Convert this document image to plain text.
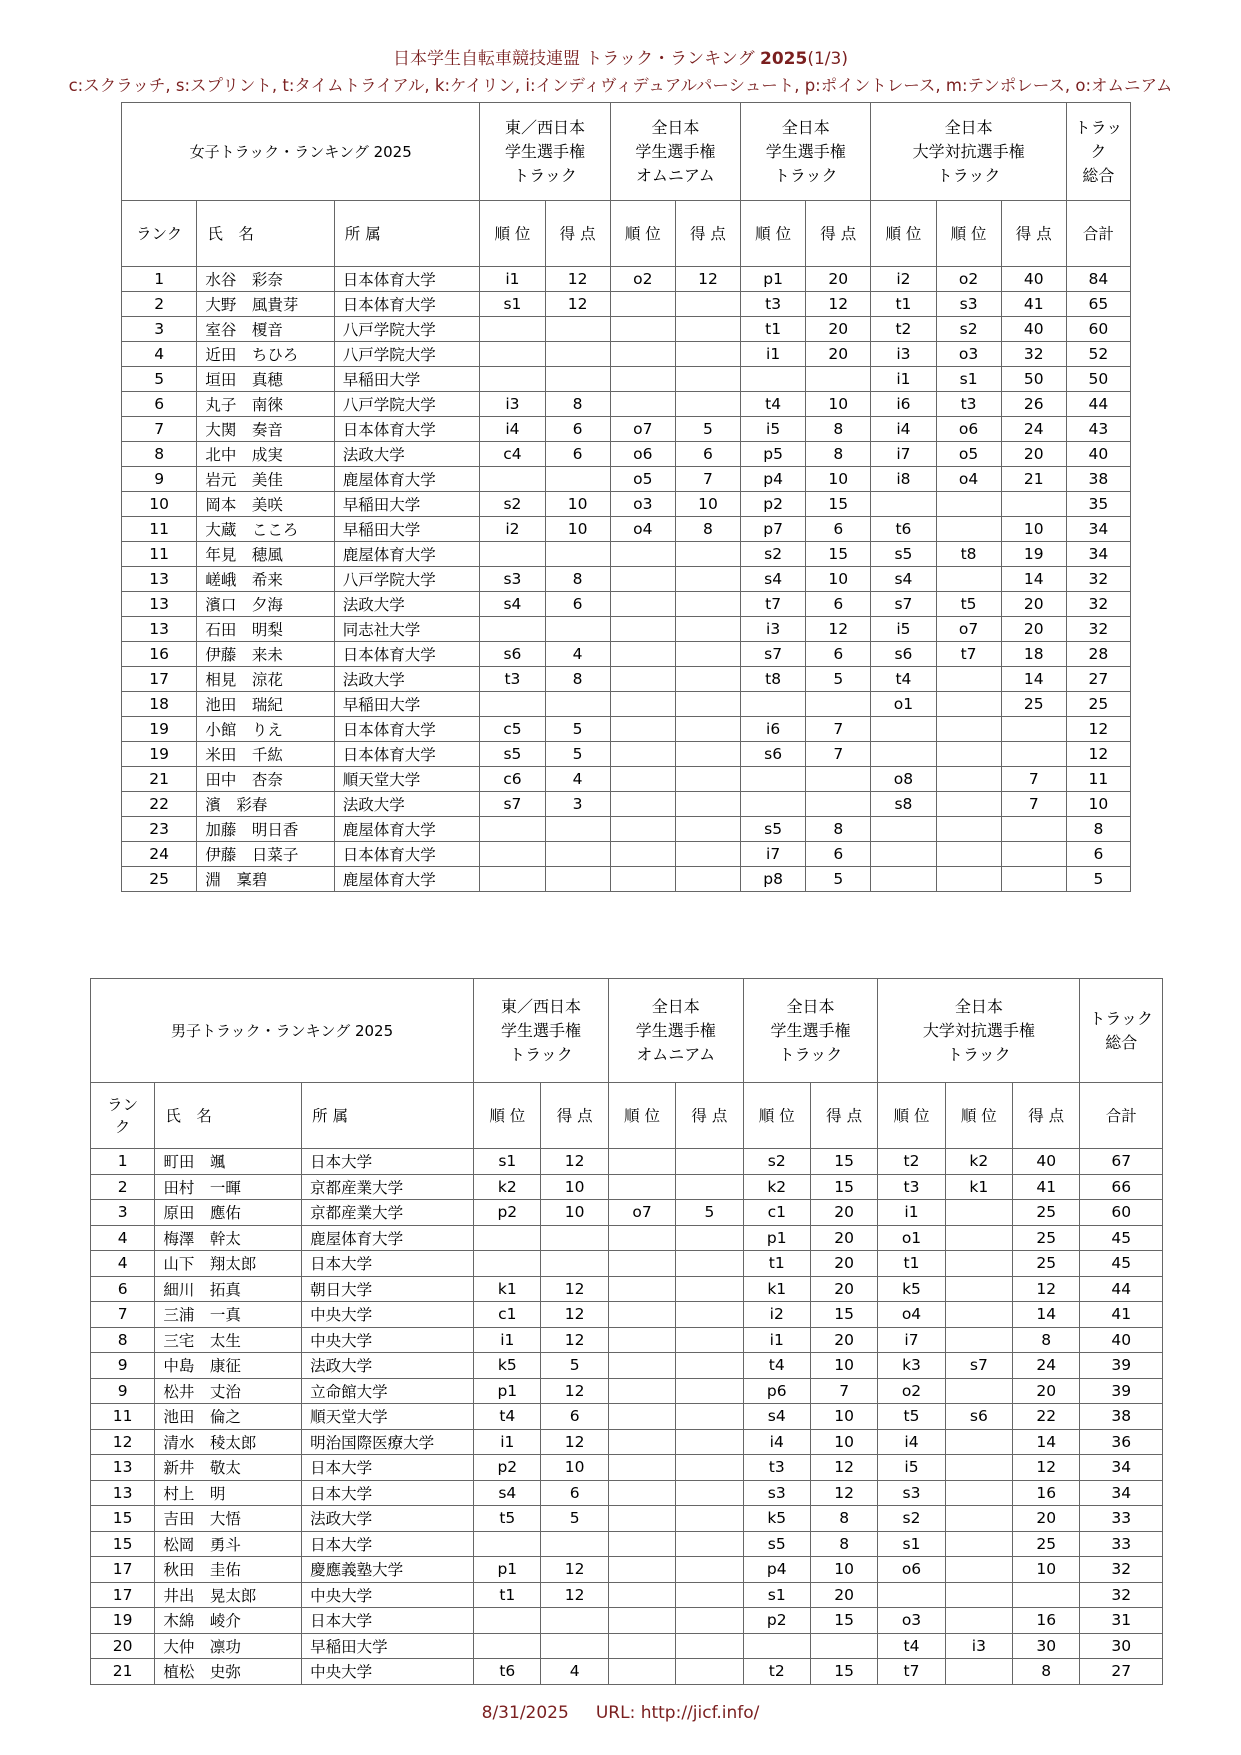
日本学生自転車競技連盟 トラック・ランキング 2025(1/3)
c:スクラッチ, s:スプリント, t:タイムトライアル, k:ケイリン, i:インディヴィデュアルパーシュート, p:ポイントレース, m:テンポレース, o:オムニアム
女子トラック・ランキング 2025			東／西日本
学生選手権
トラック		全日本
学生選手権
オムニアム		全日本
学生選手権
トラック		全日本
大学対抗選手権
トラック			トラッ
ク
総合
ランク	氏　名	所 属	順 位	得 点	順 位	得 点	順 位	得 点	順 位	順 位	得 点	合計
1	水谷　彩奈	日本体育大学	i1	12	o2	12	p1	20	i2	o2	40	84
2	大野　風貴芽	日本体育大学	s1	12			t3	12	t1	s3	41	65
3	室谷　榎音	八戸学院大学					t1	20	t2	s2	40	60
4	近田　ちひろ	八戸学院大学					i1	20	i3	o3	32	52
5	垣田　真穂	早稲田大学							i1	s1	50	50
6	丸子　南徠	八戸学院大学	i3	8			t4	10	i6	t3	26	44
7	大関　奏音	日本体育大学	i4	6	o7	5	i5	8	i4	o6	24	43
8	北中　成実	法政大学	c4	6	o6	6	p5	8	i7	o5	20	40
9	岩元　美佳	鹿屋体育大学			o5	7	p4	10	i8	o4	21	38
10	岡本　美咲	早稲田大学	s2	10	o3	10	p2	15				35
11	大蔵　こころ	早稲田大学	i2	10	o4	8	p7	6	t6		10	34
11	年見　穂風	鹿屋体育大学					s2	15	s5	t8	19	34
13	嵯峨　希来	八戸学院大学	s3	8			s4	10	s4		14	32
13	濱口　夕海	法政大学	s4	6			t7	6	s7	t5	20	32
13	石田　明梨	同志社大学					i3	12	i5	o7	20	32
16	伊藤　来未	日本体育大学	s6	4			s7	6	s6	t7	18	28
17	相見　涼花	法政大学	t3	8			t8	5	t4		14	27
18	池田　瑞紀	早稲田大学							o1		25	25
19	小館　りえ	日本体育大学	c5	5			i6	7				12
19	米田　千紘	日本体育大学	s5	5			s6	7				12
21	田中　杏奈	順天堂大学	c6	4					o8		7	11
22	濱　彩春	法政大学	s7	3					s8		7	10
23	加藤　明日香	鹿屋体育大学					s5	8				8
24	伊藤　日菜子	日本体育大学					i7	6				6
25	淵　稟碧	鹿屋体育大学					p8	5				5
男子トラック・ランキング 2025			東／西日本
学生選手権
トラック		全日本
学生選手権
オムニアム		全日本
学生選手権
トラック		全日本
大学対抗選手権
トラック			トラック
総合
ラン
ク	氏　名	所 属	順 位	得 点	順 位	得 点	順 位	得 点	順 位	順 位	得 点	合計
1	町田　颯	日本大学	s1	12			s2	15	t2	k2	40	67
2	田村　一暉	京都産業大学	k2	10			k2	15	t3	k1	41	66
3	原田　應佑	京都産業大学	p2	10	o7	5	c1	20	i1		25	60
4	梅澤　幹太	鹿屋体育大学					p1	20	o1		25	45
4	山下　翔太郎	日本大学					t1	20	t1		25	45
6	細川　拓真	朝日大学	k1	12			k1	20	k5		12	44
7	三浦　一真	中央大学	c1	12			i2	15	o4		14	41
8	三宅　太生	中央大学	i1	12			i1	20	i7		8	40
9	中島　康征	法政大学	k5	5			t4	10	k3	s7	24	39
9	松井　丈治	立命館大学	p1	12			p6	7	o2		20	39
11	池田　倫之	順天堂大学	t4	6			s4	10	t5	s6	22	38
12	清水　稜太郎	明治国際医療大学	i1	12			i4	10	i4		14	36
13	新井　敬太	日本大学	p2	10			t3	12	i5		12	34
13	村上　明	日本大学	s4	6			s3	12	s3		16	34
15	吉田　大悟	法政大学	t5	5			k5	8	s2		20	33
15	松岡　勇斗	日本大学					s5	8	s1		25	33
17	秋田　圭佑	慶應義塾大学	p1	12			p4	10	o6		10	32
17	井出　晃太郎	中央大学	t1	12			s1	20				32
19	木綿　崚介	日本大学					p2	15	o3		16	31
20	大仲　凛功	早稲田大学							t4	i3	30	30
21	植松　史弥	中央大学	t6	4			t2	15	t7		8	27
8/31/2025 URL: http://jicf.info/
